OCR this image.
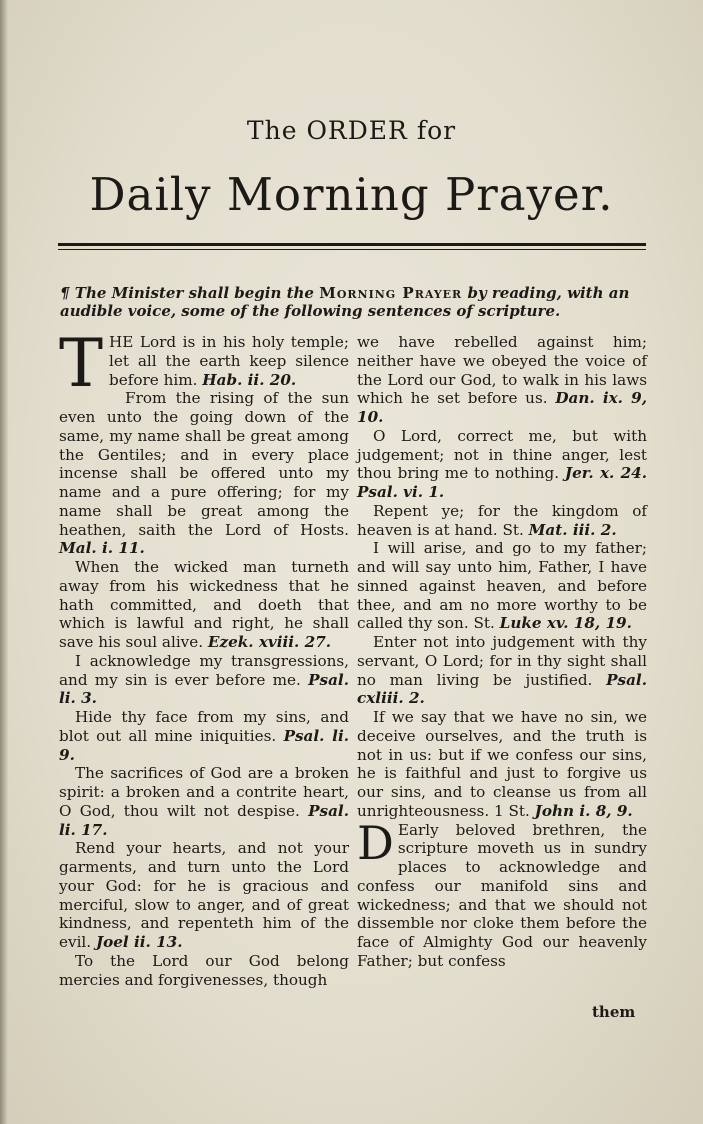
The ORDER for
Daily Morning Prayer.
¶ The Minister shall begin the Morning Prayer by reading, with an audible voice, some of the following sentences of scripture.

THE Lord is in his holy temple; let all the earth keep silence before him. Hab. ii. 20.

From the rising of the sun even unto the going down of the same, my name shall be great among the Gentiles; and in every place incense shall be offered unto my name and a pure offering; for my name shall be great among the heathen, saith the Lord of Hosts. Mal. i. 11.

When the wicked man turneth away from his wickedness that he hath committed, and doeth that which is lawful and right, he shall save his soul alive. Ezek. xviii. 27.

I acknowledge my transgressions, and my sin is ever before me. Psal. li. 3.

Hide thy face from my sins, and blot out all mine iniquities. Psal. li. 9.

The sacrifices of God are a broken spirit: a broken and a contrite heart, O God, thou wilt not despise. Psal. li. 17.

Rend your hearts, and not your garments, and turn unto the Lord your God: for he is gracious and merciful, slow to anger, and of great kindness, and repenteth him of the evil. Joel ii. 13.

To the Lord our God belong mercies and forgivenesses, though

we have rebelled against him; neither have we obeyed the voice of the Lord our God, to walk in his laws which he set before us. Dan. ix. 9, 10.

O Lord, correct me, but with judgement; not in thine anger, lest thou bring me to nothing. Jer. x. 24. Psal. vi. 1.

Repent ye; for the kingdom of heaven is at hand. St. Mat. iii. 2.

I will arise, and go to my father; and will say unto him, Father, I have sinned against heaven, and before thee, and am no more worthy to be called thy son. St. Luke xv. 18, 19.

Enter not into judgement with thy servant, O Lord; for in thy sight shall no man living be justified. Psal. cxliii. 2.

If we say that we have no sin, we deceive ourselves, and the truth is not in us: but if we confess our sins, he is faithful and just to forgive us our sins, and to cleanse us from all unrighteousness. 1 St. John i. 8, 9.

D Early beloved brethren, the scripture moveth us in sundry places to acknowledge and confess our manifold sins and wickedness; and that we should not dissemble nor cloke them before the face of Almighty God our heavenly Father; but confess

them
